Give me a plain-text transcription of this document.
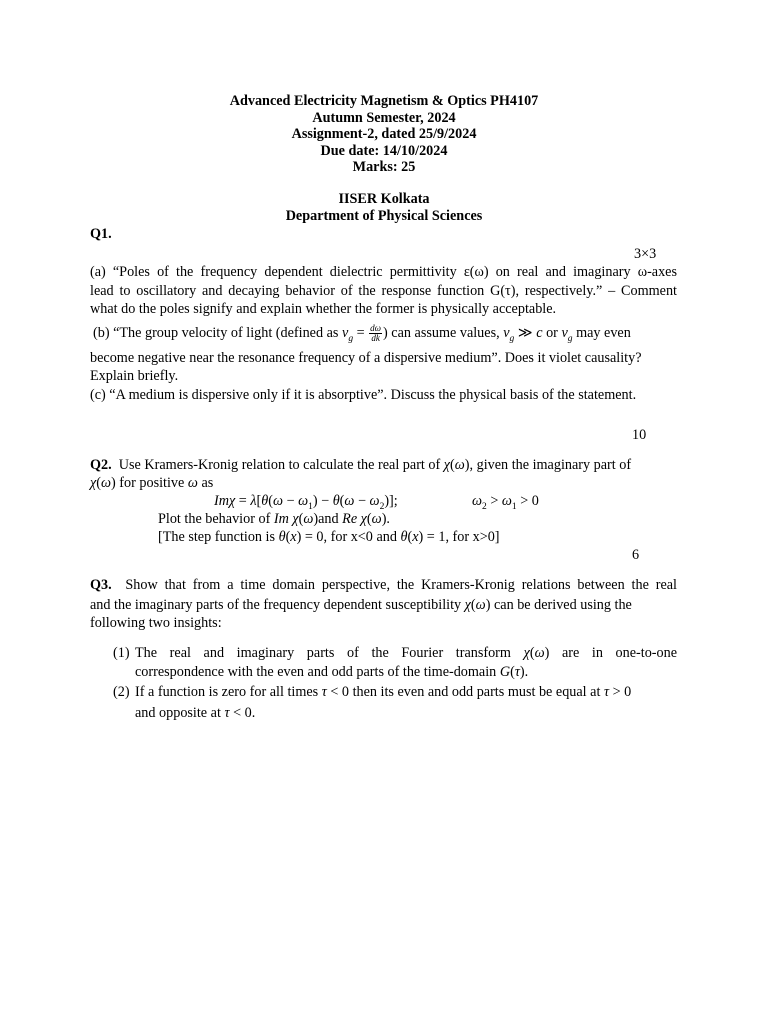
Advanced Electricity Magnetism & Optics PH4107
Autumn Semester, 2024
Assignment-2, dated 25/9/2024
Due date: 14/10/2024
Marks: 25
IISER Kolkata
Department of Physical Sciences
Q1.
3×3
(a) “Poles of the frequency dependent dielectric permittivity ε(ω) on real and imaginary ω-axes
lead to oscillatory and decaying behavior of the response function G(τ), respectively.” – Comment
what do the poles signify and explain whether the former is physically acceptable.
(b) “The group velocity of light (defined as $v_g = \frac{d\omega}{dk}$ ) can assume values, $v_g$ ≫ c or $v_g$ may even
become negative near the resonance frequency of a dispersive medium”. Does it violet causality?
Explain briefly.
(c) “A medium is dispersive only if it is absorptive”. Discuss the physical basis of the statement.
10
Q2. Use Kramers-Kronig relation to calculate the real part of χ(ω), given the imaginary part of
χ(ω) for positive ω as
$Im\chi = \lambda[\theta(\omega - \omega_1) - \theta(\omega - \omega_2)]$;	$\omega_2 > \omega_1 > 0$
Plot the behavior of Im χ(ω)and Re χ(ω).
[The step function is θ(x) = 0, for x<0 and θ(x) = 1, for x>0]
6
Q3. Show that from a time domain perspective, the Kramers-Kronig relations between the real
and the imaginary parts of the frequency dependent susceptibility χ(ω) can be derived using the
following two insights:
(1) The real and imaginary parts of the Fourier transform χ(ω) are in one-to-one
correspondence with the even and odd parts of the time-domain G(τ).
(2) If a function is zero for all times τ < 0 then its even and odd parts must be equal at τ > 0
and opposite at τ < 0.
